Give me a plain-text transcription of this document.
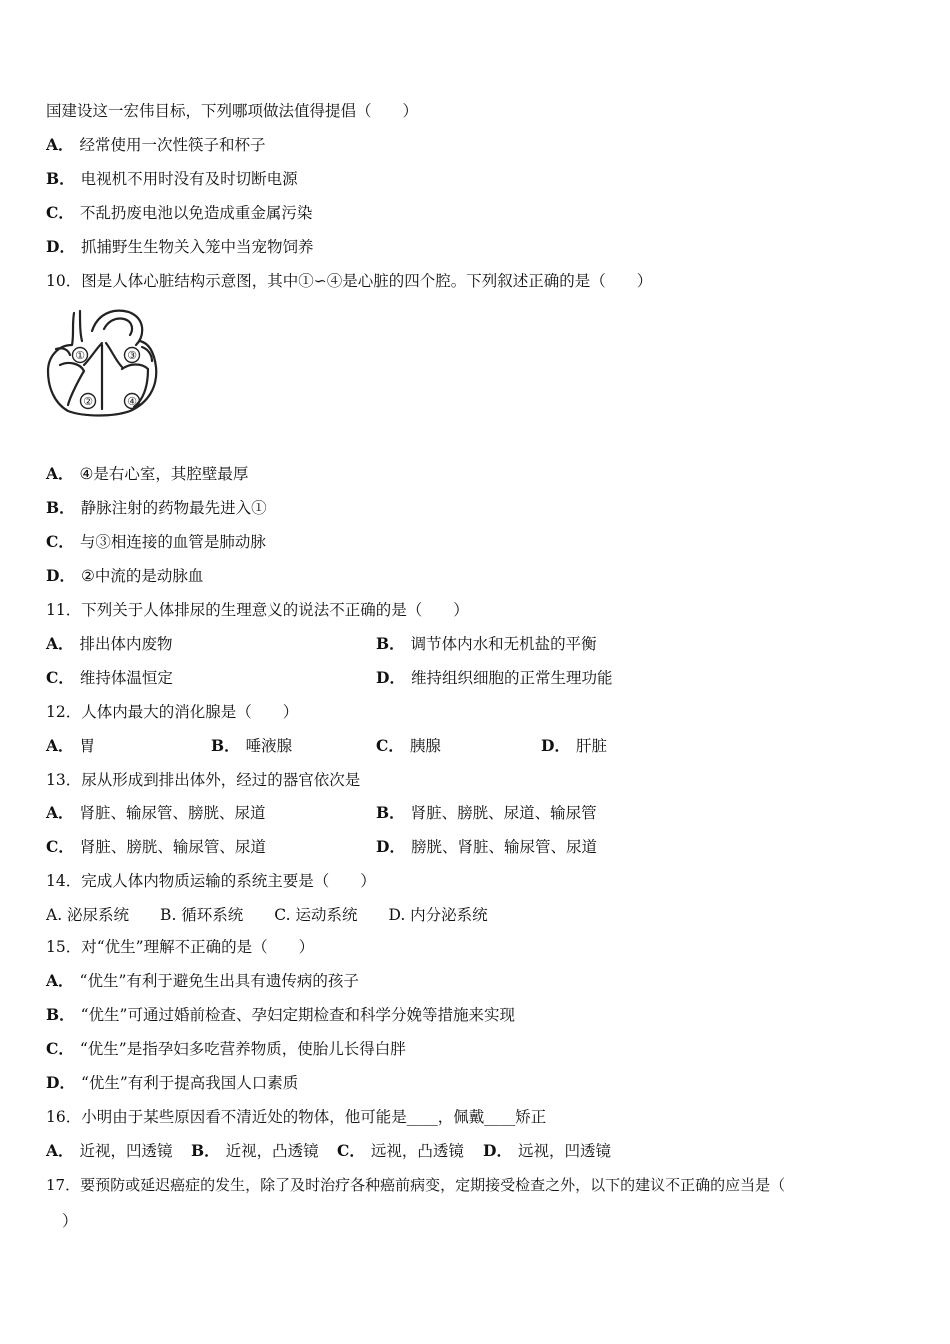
国建设这一宏伟目标，下列哪项做法值得提倡（　　）
A． 经常使用一次性筷子和杯子
B． 电视机不用时没有及时切断电源
C． 不乱扔废电池以免造成重金属污染
D． 抓捕野生生物关入笼中当宠物饲养
10．图是人体心脏结构示意图，其中①∽④是心脏的四个腔。下列叙述正确的是（　　）
①
②
③
④
A． ④是右心室，其腔壁最厚
B． 静脉注射的药物最先进入①
C． 与③相连接的血管是肺动脉
D． ②中流的是动脉血
11．下列关于人体排尿的生理意义的说法不正确的是（　　）
A． 排出体内废物	B． 调节体内水和无机盐的平衡
C． 维持体温恒定	D． 维持组织细胞的正常生理功能
12．人体内最大的消化腺是（　　）
A． 胃	B． 唾液腺	C． 胰腺	D． 肝脏
13．尿从形成到排出体外，经过的器官依次是
A． 肾脏、输尿管、膀胱、尿道	B． 肾脏、膀胱、尿道、输尿管
C． 肾脏、膀胱、输尿管、尿道	D． 膀胱、肾脏、输尿管、尿道
14．完成人体内物质运输的系统主要是（　　）
A. 泌尿系统　　B. 循环系统　　C. 运动系统　　D. 内分泌系统
15．对“优生”理解不正确的是（　　）
A． “优生”有利于避免生出具有遗传病的孩子
B． “优生”可通过婚前检查、孕妇定期检查和科学分娩等措施来实现
C． “优生”是指孕妇多吃营养物质，使胎儿长得白胖
D． “优生”有利于提高我国人口素质
16．小明由于某些原因看不清近处的物体，他可能是____，佩戴____矫正
A． 近视，凹透镜 B． 近视，凸透镜 C． 远视，凸透镜 D． 远视，凹透镜
17．要预防或延迟癌症的发生，除了及时治疗各种癌前病变，定期接受检查之外，以下的建议不正确的应当是（
）
